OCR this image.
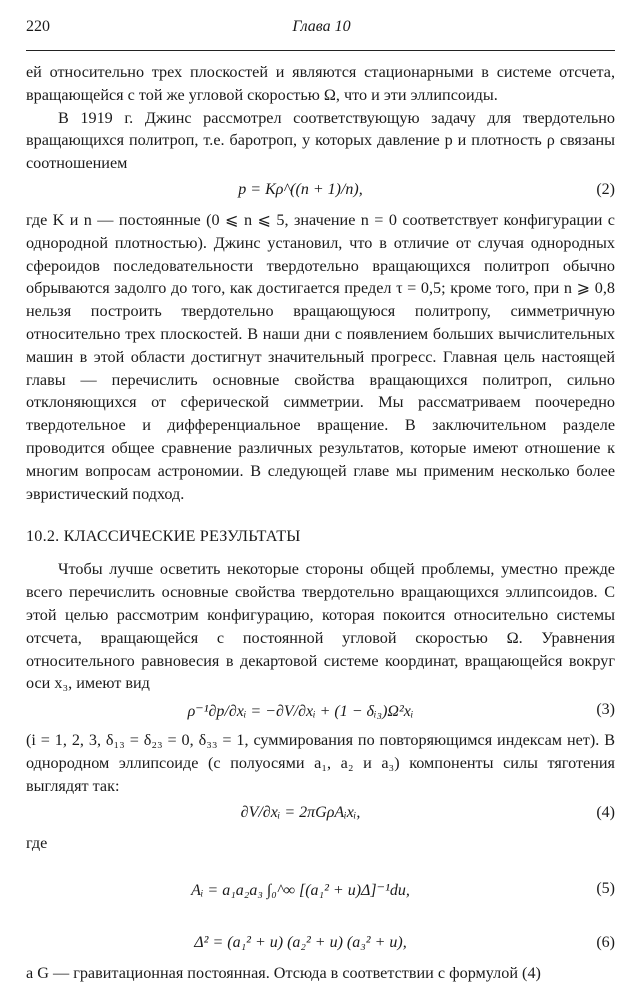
220	Глава 10

ей относительно трех плоскостей и являются стационарными в системе отсчета, вращающейся с той же угловой скоростью Ω, что и эти эллипсоиды.

В 1919 г. Джинс рассмотрел соответствующую задачу для твердотельно вращающихся политроп, т.е. баротроп, у которых давление p и плотность ρ связаны соотношением

p = Kρ^((n + 1)/n),	(2)

где K и n — постоянные (0 ⩽ n ⩽ 5, значение n = 0 соответствует конфигурации с однородной плотностью). Джинс установил, что в отличие от случая однородных сфероидов последовательности твердотельно вращающихся политроп обычно обрываются задолго до того, как достигается предел τ = 0,5; кроме того, при n ⩾ 0,8 нельзя построить твердотельно вращающуюся политропу, симметричную относительно трех плоскостей. В наши дни с появлением больших вычислительных машин в этой области достигнут значительный прогресс. Главная цель настоящей главы — перечислить основные свойства вращающихся политроп, сильно отклоняющихся от сферической симметрии. Мы рассматриваем поочередно твердотельное и дифференциальное вращение. В заключительном разделе проводится общее сравнение различных результатов, которые имеют отношение к многим вопросам астрономии. В следующей главе мы применим несколько более эвристический подход.

10.2. КЛАССИЧЕСКИЕ РЕЗУЛЬТАТЫ

Чтобы лучше осветить некоторые стороны общей проблемы, уместно прежде всего перечислить основные свойства твердотельно вращающихся эллипсоидов. С этой целью рассмотрим конфигурацию, которая покоится относительно системы отсчета, вращающейся с постоянной угловой скоростью Ω. Уравнения относительного равновесия в декартовой системе координат, вращающейся вокруг оси x₃, имеют вид

ρ⁻¹∂p/∂xᵢ = −∂V/∂xᵢ + (1 − δᵢ₃)Ω²xᵢ	(3)

(i = 1, 2, 3, δ₁₃ = δ₂₃ = 0, δ₃₃ = 1, суммирования по повторяющимся индексам нет). В однородном эллипсоиде (с полуосями a₁, a₂ и a₃) компоненты силы тяготения выглядят так:

∂V/∂xᵢ = 2πGρAᵢxᵢ,	(4)

где

Aᵢ = a₁a₂a₃ ∫₀^∞ [(a₁² + u)Δ]⁻¹du,	(5)
Δ² = (a₁² + u) (a₂² + u) (a₃² + u),	(6)

а G — гравитационная постоянная. Отсюда в соответствии с формулой (4)
